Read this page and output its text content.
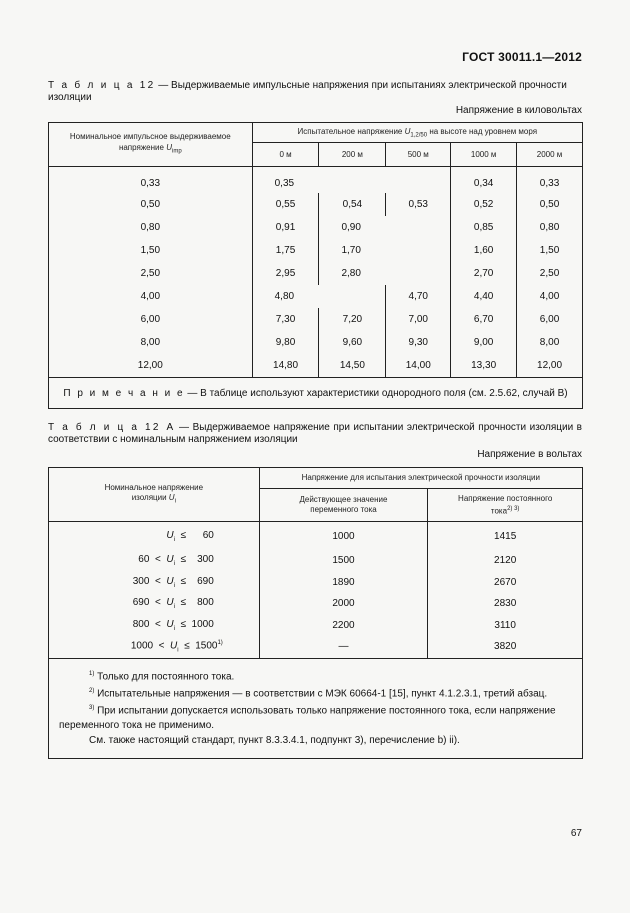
ГОСТ 30011.1—2012
Т а б л и ц а 12 — Выдерживаемые импульсные напряжения при испытаниях электрической прочности изоляции
Напряжение в киловольтах
Номинальное импульсное выдерживаемое напряжение $U_{imp}$	Испытательное напряжение $U_{1,2/50}$ на высоте над уровнем моря				
	0 м	200 м	500 м	1000 м	2000 м
0,33	0,35			0,34	0,33
0,50	0,55	0,54	0,53	0,52	0,50
0,80	0,91	0,90		0,85	0,80
1,50	1,75	1,70		1,60	1,50
2,50	2,95	2,80		2,70	2,50
4,00	4,80		4,70	4,40	4,00
6,00	7,30	7,20	7,00	6,70	6,00
8,00	9,80	9,60	9,30	9,00	8,00
12,00	14,80	14,50	14,00	13,30	12,00
П р и м е ч а н и е — В таблице используют характеристики однородного поля (см. 2.5.62, случай В)					
Т а б л и ц а 12 А — Выдерживаемое напряжение при испытании электрической прочности изоляции в соответствии с номинальным напряжением изоляции
Напряжение в вольтах
Номинальное напряжение изоляции $U_i$	Напряжение для испытания электрической прочности изоляции	
	Действующее значение переменного тока	Напряжение постоянного тока$^{2) 3)}$
$U_i$ ≤      60	1000	1415
$60 < U_i$ ≤    300	1500	2120
$300 < U_i$ ≤    690	1890	2670
$690 < U_i$ ≤    800	2000	2830
$800 < U_i \le 1000$	2200	3110
$1000 < U_i \le 1500^{1)}$	—	3820

$^{1)}$ Только для постоянного тока.

$^{2)}$ Испытательные напряжения — в соответствии с МЭК 60664-1 [15], пункт 4.1.2.3.1, третий абзац.

$^{3)}$ При испытании допускается использовать только напряжение постоянного тока, если напряжение переменного тока не применимо.

См. также настоящий стандарт, пункт 8.3.3.4.1, подпункт 3), перечисление b) ii).		

67
